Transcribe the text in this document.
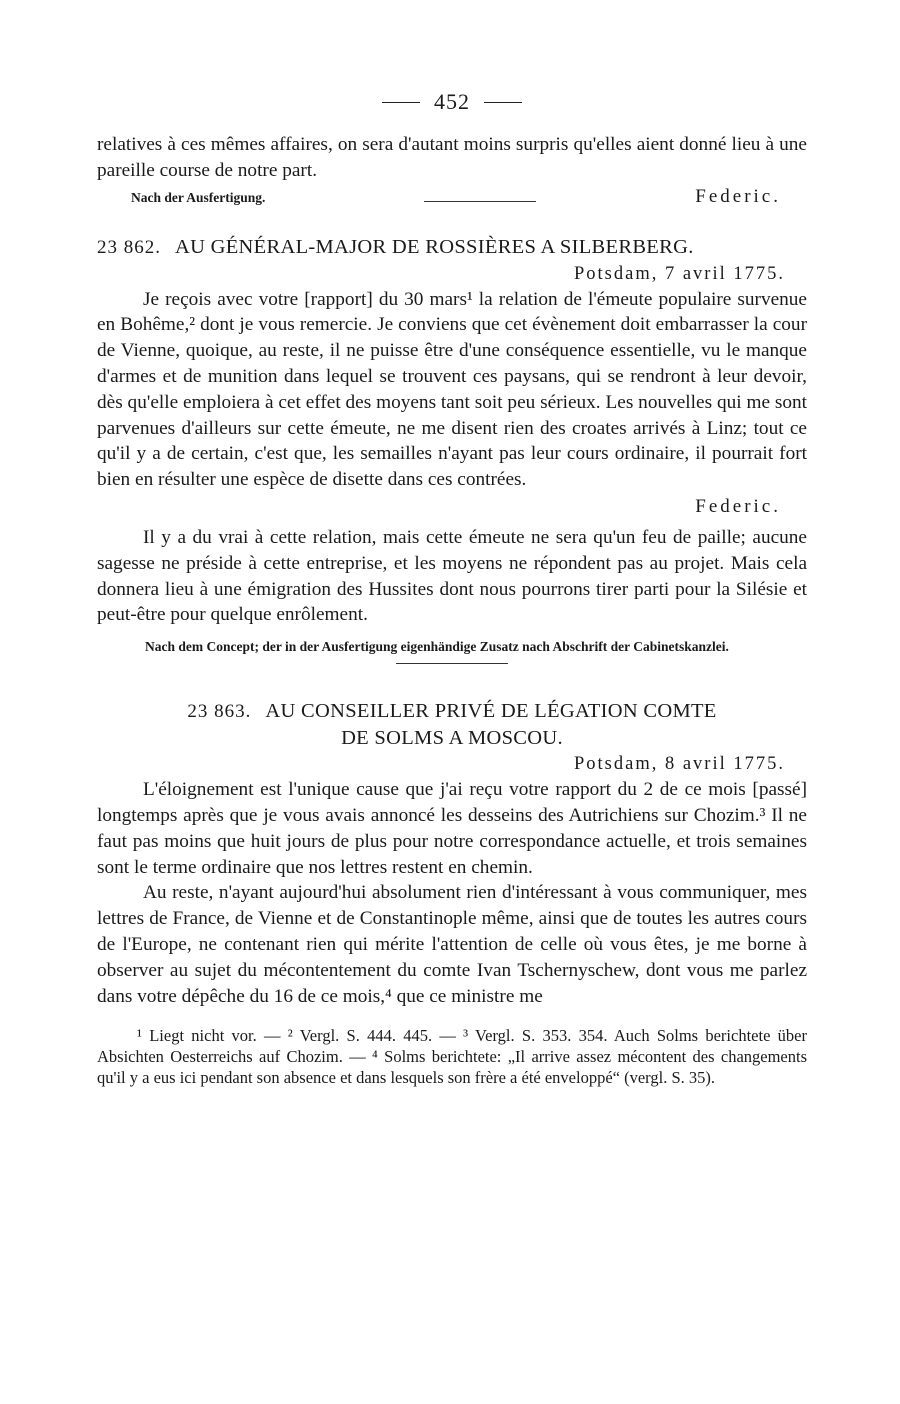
452

relatives à ces mêmes affaires, on sera d'autant moins surpris qu'elles aient donné lieu à une pareille course de notre part.

Nach der Ausfertigung.	Federic.
23 862. AU GÉNÉRAL-MAJOR DE ROSSIÈRES A SILBERBERG.
Potsdam, 7 avril 1775.

Je reçois avec votre [rapport] du 30 mars¹ la relation de l'émeute populaire survenue en Bohême,² dont je vous remercie. Je conviens que cet évènement doit embarrasser la cour de Vienne, quoique, au reste, il ne puisse être d'une conséquence essentielle, vu le manque d'armes et de munition dans lequel se trouvent ces paysans, qui se rendront à leur devoir, dès qu'elle emploiera à cet effet des moyens tant soit peu sérieux. Les nouvelles qui me sont parvenues d'ailleurs sur cette émeute, ne me disent rien des croates arrivés à Linz; tout ce qu'il y a de certain, c'est que, les semailles n'ayant pas leur cours ordinaire, il pourrait fort bien en résulter une espèce de disette dans ces contrées.

Federic.

Il y a du vrai à cette relation, mais cette émeute ne sera qu'un feu de paille; aucune sagesse ne préside à cette entreprise, et les moyens ne répondent pas au projet. Mais cela donnera lieu à une émigration des Hussites dont nous pourrons tirer parti pour la Silésie et peut-être pour quelque enrôlement.

Nach dem Concept; der in der Ausfertigung eigenhändige Zusatz nach Abschrift der Cabinetskanzlei.

23 863. AU CONSEILLER PRIVÉ DE LÉGATION COMTE
DE SOLMS A MOSCOU.
Potsdam, 8 avril 1775.

L'éloignement est l'unique cause que j'ai reçu votre rapport du 2 de ce mois [passé] longtemps après que je vous avais annoncé les desseins des Autrichiens sur Chozim.³ Il ne faut pas moins que huit jours de plus pour notre correspondance actuelle, et trois semaines sont le terme ordinaire que nos lettres restent en chemin.

Au reste, n'ayant aujourd'hui absolument rien d'intéressant à vous communiquer, mes lettres de France, de Vienne et de Constantinople même, ainsi que de toutes les autres cours de l'Europe, ne contenant rien qui mérite l'attention de celle où vous êtes, je me borne à observer au sujet du mécontentement du comte Ivan Tschernyschew, dont vous me parlez dans votre dépêche du 16 de ce mois,⁴ que ce ministre me

¹ Liegt nicht vor. — ² Vergl. S. 444. 445. — ³ Vergl. S. 353. 354. Auch Solms berichtete über Absichten Oesterreichs auf Chozim. — ⁴ Solms berichtete: „Il arrive assez mécontent des changements qu'il y a eus ici pendant son absence et dans lesquels son frère a été enveloppé“ (vergl. S. 35).
